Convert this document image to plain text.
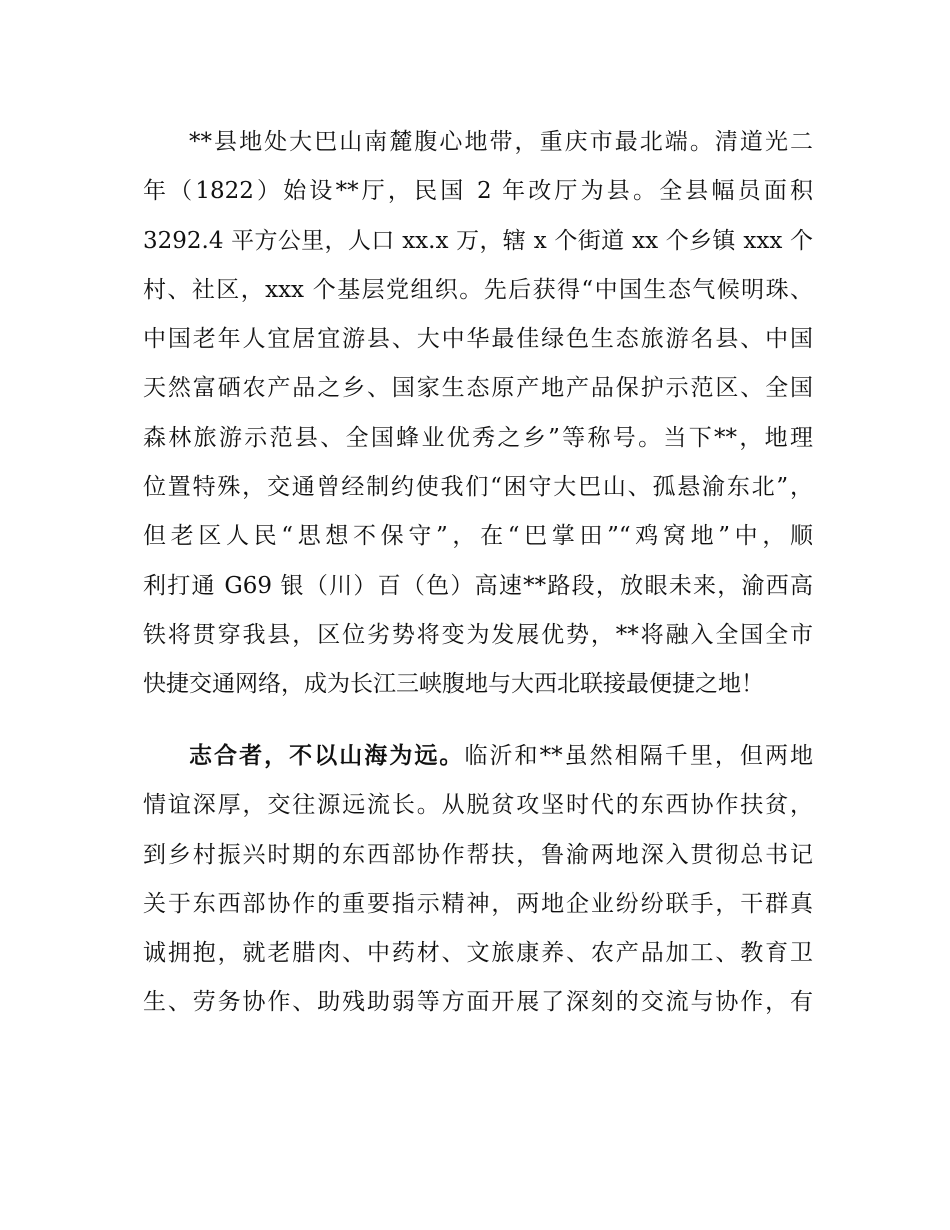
**县地处大巴山南麓腹心地带，重庆市最北端。清道光二
年（1822）始设**厅，民国 2 年改厅为县。全县幅员面积
3292.4 平方公里，人口 xx.x 万，辖 x 个街道 xx 个乡镇 xxx 个
村、社区，xxx 个基层党组织。先后获得“中国生态气候明珠、
中国老年人宜居宜游县、大中华最佳绿色生态旅游名县、中国
天然富硒农产品之乡、国家生态原产地产品保护示范区、全国
森林旅游示范县、全国蜂业优秀之乡”等称号。当下**，地理
位置特殊，交通曾经制约使我们“困守大巴山、孤悬渝东北”，
但老区人民“思想不保守”，在“巴掌田”“鸡窝地”中，顺
利打通 G69 银（川）百（色）高速**路段，放眼未来，渝西高
铁将贯穿我县，区位劣势将变为发展优势，**将融入全国全市
快捷交通网络，成为长江三峡腹地与大西北联接最便捷之地！
志合者，不以山海为远。临沂和**虽然相隔千里，但两地
情谊深厚，交往源远流长。从脱贫攻坚时代的东西协作扶贫，
到乡村振兴时期的东西部协作帮扶，鲁渝两地深入贯彻总书记
关于东西部协作的重要指示精神，两地企业纷纷联手，干群真
诚拥抱，就老腊肉、中药材、文旅康养、农产品加工、教育卫
生、劳务协作、助残助弱等方面开展了深刻的交流与协作，有
